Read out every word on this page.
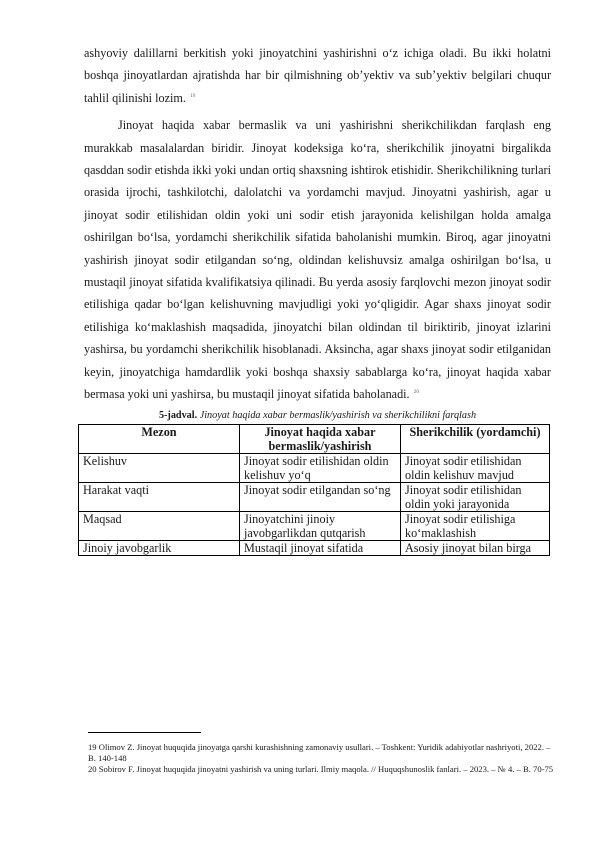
ashyoviy dalillarni berkitish yoki jinoyatchini yashirishni o‘z ichiga oladi. Bu ikki holatni boshqa jinoyatlardan ajratishda har bir qilmishning ob’yektiv va sub’yektiv belgilari chuqur tahlil qilinishi lozim. $^{19}$

Jinoyat haqida xabar bermaslik va uni yashirishni sherikchilikdan farqlash eng murakkab masalalardan biridir. Jinoyat kodeksiga ko‘ra, sherikchilik jinoyatni birgalikda qasddan sodir etishda ikki yoki undan ortiq shaxsning ishtirok etishidir. Sherikchilikning turlari orasida ijrochi, tashkilotchi, dalolatchi va yordamchi mavjud. Jinoyatni yashirish, agar u jinoyat sodir etilishidan oldin yoki uni sodir etish jarayonida kelishilgan holda amalga oshirilgan bo‘lsa, yordamchi sherikchilik sifatida baholanishi mumkin. Biroq, agar jinoyatni yashirish jinoyat sodir etilgandan so‘ng, oldindan kelishuvsiz amalga oshirilgan bo‘lsa, u mustaqil jinoyat sifatida kvalifikatsiya qilinadi. Bu yerda asosiy farqlovchi mezon jinoyat sodir etilishiga qadar bo‘lgan kelishuvning mavjudligi yoki yo‘qligidir. Agar shaxs jinoyat sodir etilishiga ko‘maklashish maqsadida, jinoyatchi bilan oldindan til biriktirib, jinoyat izlarini yashirsa, bu yordamchi sherikchilik hisoblanadi. Aksincha, agar shaxs jinoyat sodir etilganidan keyin, jinoyatchiga hamdardlik yoki boshqa shaxsiy sabablarga ko‘ra, jinoyat haqida xabar bermasa yoki uni yashirsa, bu mustaqil jinoyat sifatida baholanadi. $^{20}$

5-jadval. Jinoyat haqida xabar bermaslik/yashirish va sherikchilikni farqlash

Mezon	Jinoyat haqida xabar bermaslik/yashirish	Sherikchilik (yordamchi)
Kelishuv	Jinoyat sodir etilishidan oldin kelishuv yo‘q	Jinoyat sodir etilishidan oldin kelishuv mavjud
Harakat vaqti	Jinoyat sodir etilgandan so‘ng	Jinoyat sodir etilishidan oldin yoki jarayonida
Maqsad	Jinoyatchini jinoiy javobgarlikdan qutqarish	Jinoyat sodir etilishiga ko‘maklashish
Jinoiy javobgarlik	Mustaqil jinoyat sifatida	Asosiy jinoyat bilan birga

19 Olimov Z. Jinoyat huquqida jinoyatga qarshi kurashishning zamonaviy usullari. – Toshkent: Yuridik adabiyotlar nashriyoti, 2022. – B. 140-148

20 Sobirov F. Jinoyat huquqida jinoyatni yashirish va uning turlari. Ilmiy maqola. // Huquqshunoslik fanlari. – 2023. – № 4. – B. 70-75
